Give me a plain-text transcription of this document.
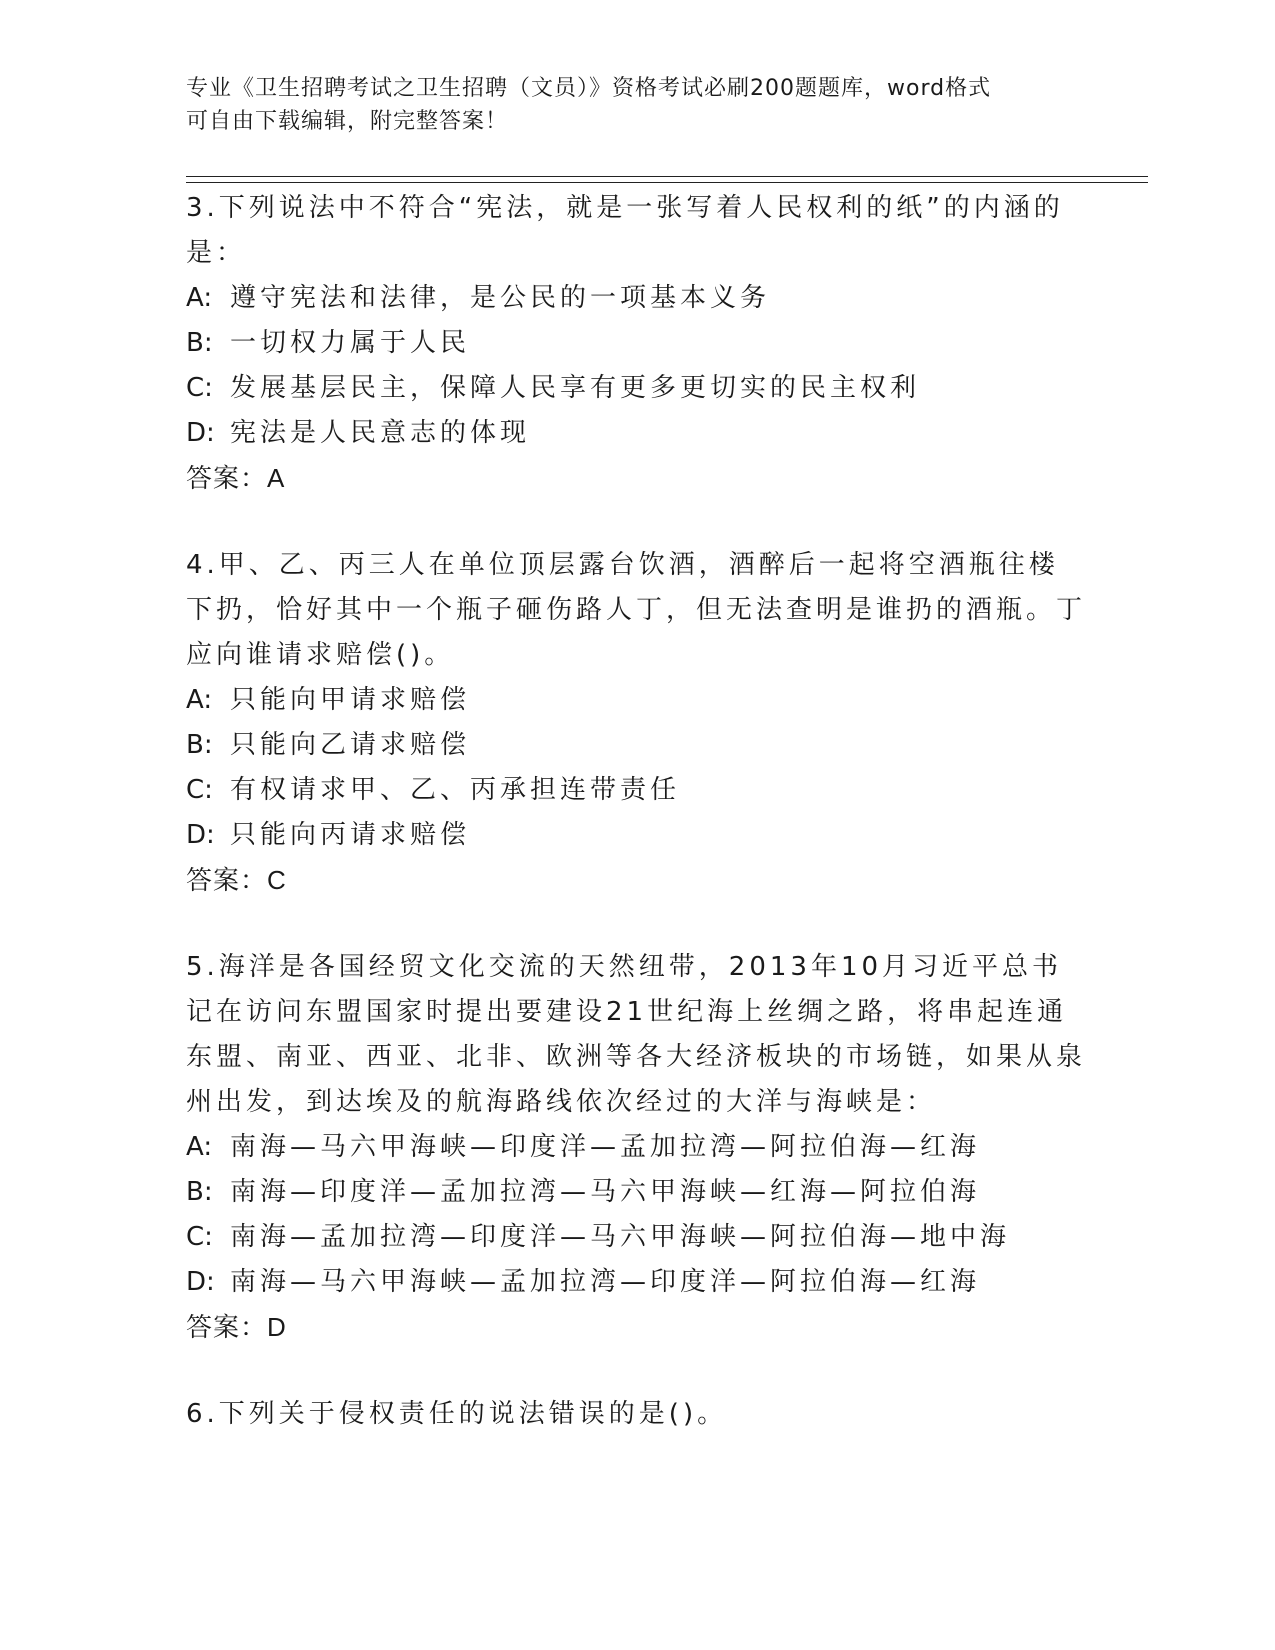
专业《卫生招聘考试之卫生招聘（文员）》资格考试必刷200题题库，word格式
可自由下载编辑，附完整答案！
3.下列说法中不符合“宪法，就是一张写着人民权利的纸”的内涵的是：
A: 遵守宪法和法律，是公民的一项基本义务
B: 一切权力属于人民
C: 发展基层民主，保障人民享有更多更切实的民主权利
D: 宪法是人民意志的体现
答案：A
4.甲、乙、丙三人在单位顶层露台饮酒，酒醉后一起将空酒瓶往楼下扔，恰好其中一个瓶子砸伤路人丁，但无法查明是谁扔的酒瓶。丁应向谁请求赔偿()。
A: 只能向甲请求赔偿
B: 只能向乙请求赔偿
C: 有权请求甲、乙、丙承担连带责任
D: 只能向丙请求赔偿
答案：C
5.海洋是各国经贸文化交流的天然纽带，2013年10月习近平总书记在访问东盟国家时提出要建设21世纪海上丝绸之路，将串起连通东盟、南亚、西亚、北非、欧洲等各大经济板块的市场链，如果从泉州出发，到达埃及的航海路线依次经过的大洋与海峡是：
A: 南海—马六甲海峡—印度洋—孟加拉湾—阿拉伯海—红海
B: 南海—印度洋—孟加拉湾—马六甲海峡—红海—阿拉伯海
C: 南海—孟加拉湾—印度洋—马六甲海峡—阿拉伯海—地中海
D: 南海—马六甲海峡—孟加拉湾—印度洋—阿拉伯海—红海
答案：D
6.下列关于侵权责任的说法错误的是()。
